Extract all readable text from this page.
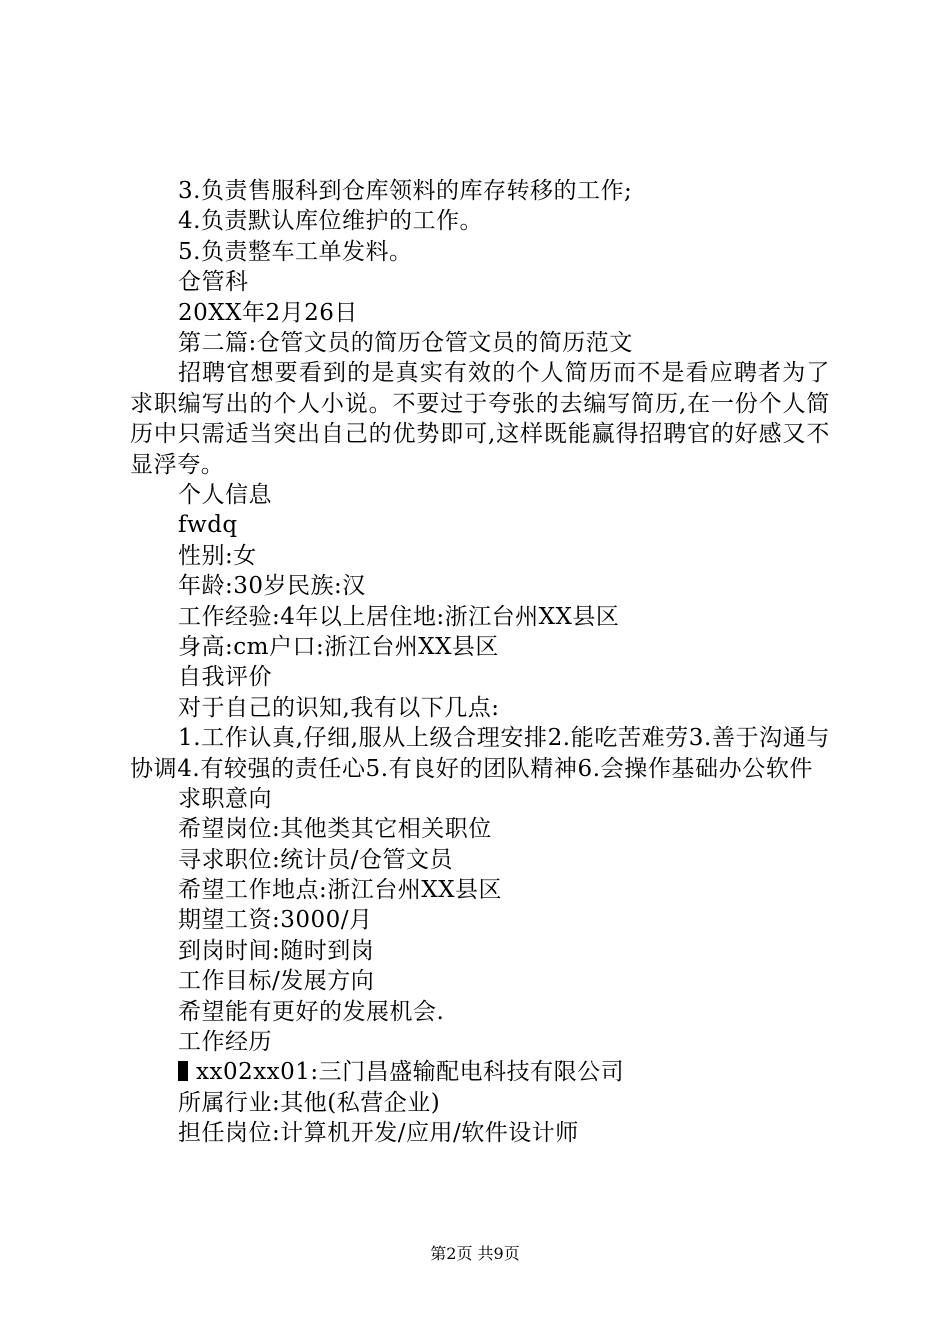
3.负责售服科到仓库领料的库存转移的工作;
4.负责默认库位维护的工作。
5.负责整车工单发料。
仓管科
20XX年2月26日
第二篇:仓管文员的简历仓管文员的简历范文
招聘官想要看到的是真实有效的个人简历而不是看应聘者为了求职编写出的个人小说。不要过于夸张的去编写简历,在一份个人简历中只需适当突出自己的优势即可,这样既能赢得招聘官的好感又不显浮夸。
个人信息
fwdq
性别:女
年龄:30岁民族:汉
工作经验:4年以上居住地:浙江台州XX县区
身高:cm户口:浙江台州XX县区
自我评价
对于自己的识知,我有以下几点:
1.工作认真,仔细,服从上级合理安排2.能吃苦难劳3.善于沟通与协调4.有较强的责任心5.有良好的团队精神6.会操作基础办公软件
求职意向
希望岗位:其他类其它相关职位
寻求职位:统计员/仓管文员
希望工作地点:浙江台州XX县区
期望工资:3000/月
到岗时间:随时到岗
工作目标/发展方向
希望能有更好的发展机会.
工作经历
xx02xx01:三门昌盛输配电科技有限公司
所属行业:其他(私营企业)
担任岗位:计算机开发/应用/软件设计师
第2页 共9页
